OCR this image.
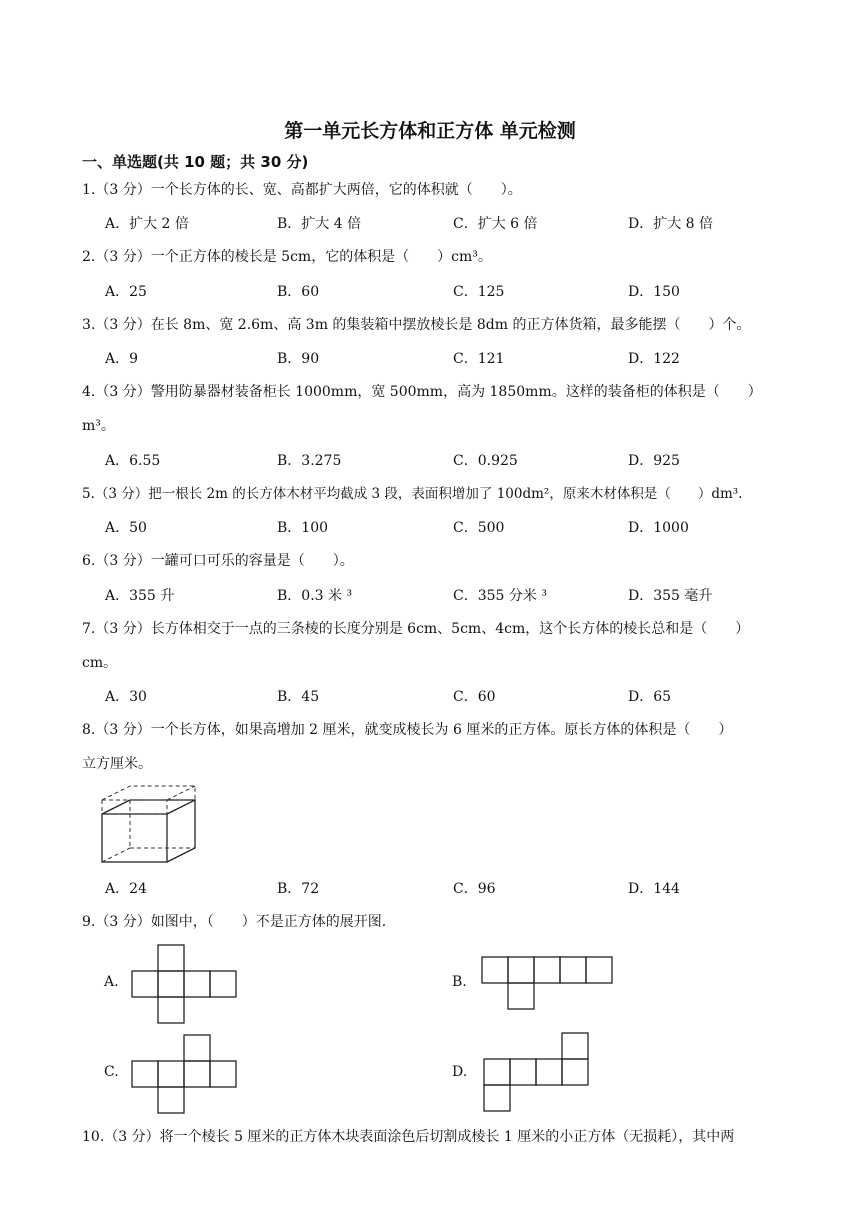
第一单元长方体和正方体 单元检测
一、单选题(共 10 题；共 30 分)
1.（3 分）一个长方体的长、宽、高都扩大两倍，它的体积就（　　）。
A．扩大 2 倍	B．扩大 4 倍	C．扩大 6 倍	D．扩大 8 倍
2.（3 分）一个正方体的棱长是 5cm，它的体积是（　　）cm³。
A．25	B．60	C．125	D．150
3.（3 分）在长 8m、宽 2.6m、高 3m 的集装箱中摆放棱长是 8dm 的正方体货箱，最多能摆（　　）个。
A．9	B．90	C．121	D．122
4.（3 分）警用防暴器材装备柜长 1000mm，宽 500mm，高为 1850mm。这样的装备柜的体积是（　　）
m³。
A．6.55	B．3.275	C．0.925	D．925
5.（3 分）把一根长 2m 的长方体木材平均截成 3 段，表面积增加了 100dm²，原来木材体积是（　　）dm³.
A．50	B．100	C．500	D．1000
6.（3 分）一罐可口可乐的容量是（　　）。
A．355 升	B．0.3 米 ³	C．355 分米 ³	D．355 毫升
7.（3 分）长方体相交于一点的三条棱的长度分别是 6cm、5cm、4cm，这个长方体的棱长总和是（　　）
cm。
A．30	B．45	C．60	D．65
8.（3 分）一个长方体，如果高增加 2 厘米，就变成棱长为 6 厘米的正方体。原长方体的体积是（　　）
立方厘米。
A．24	B．72	C．96	D．144
9.（3 分）如图中，（　　）不是正方体的展开图.
A.	B.
C.	D.
10.（3 分）将一个棱长 5 厘米的正方体木块表面涂色后切割成棱长 1 厘米的小正方体（无损耗），其中两
